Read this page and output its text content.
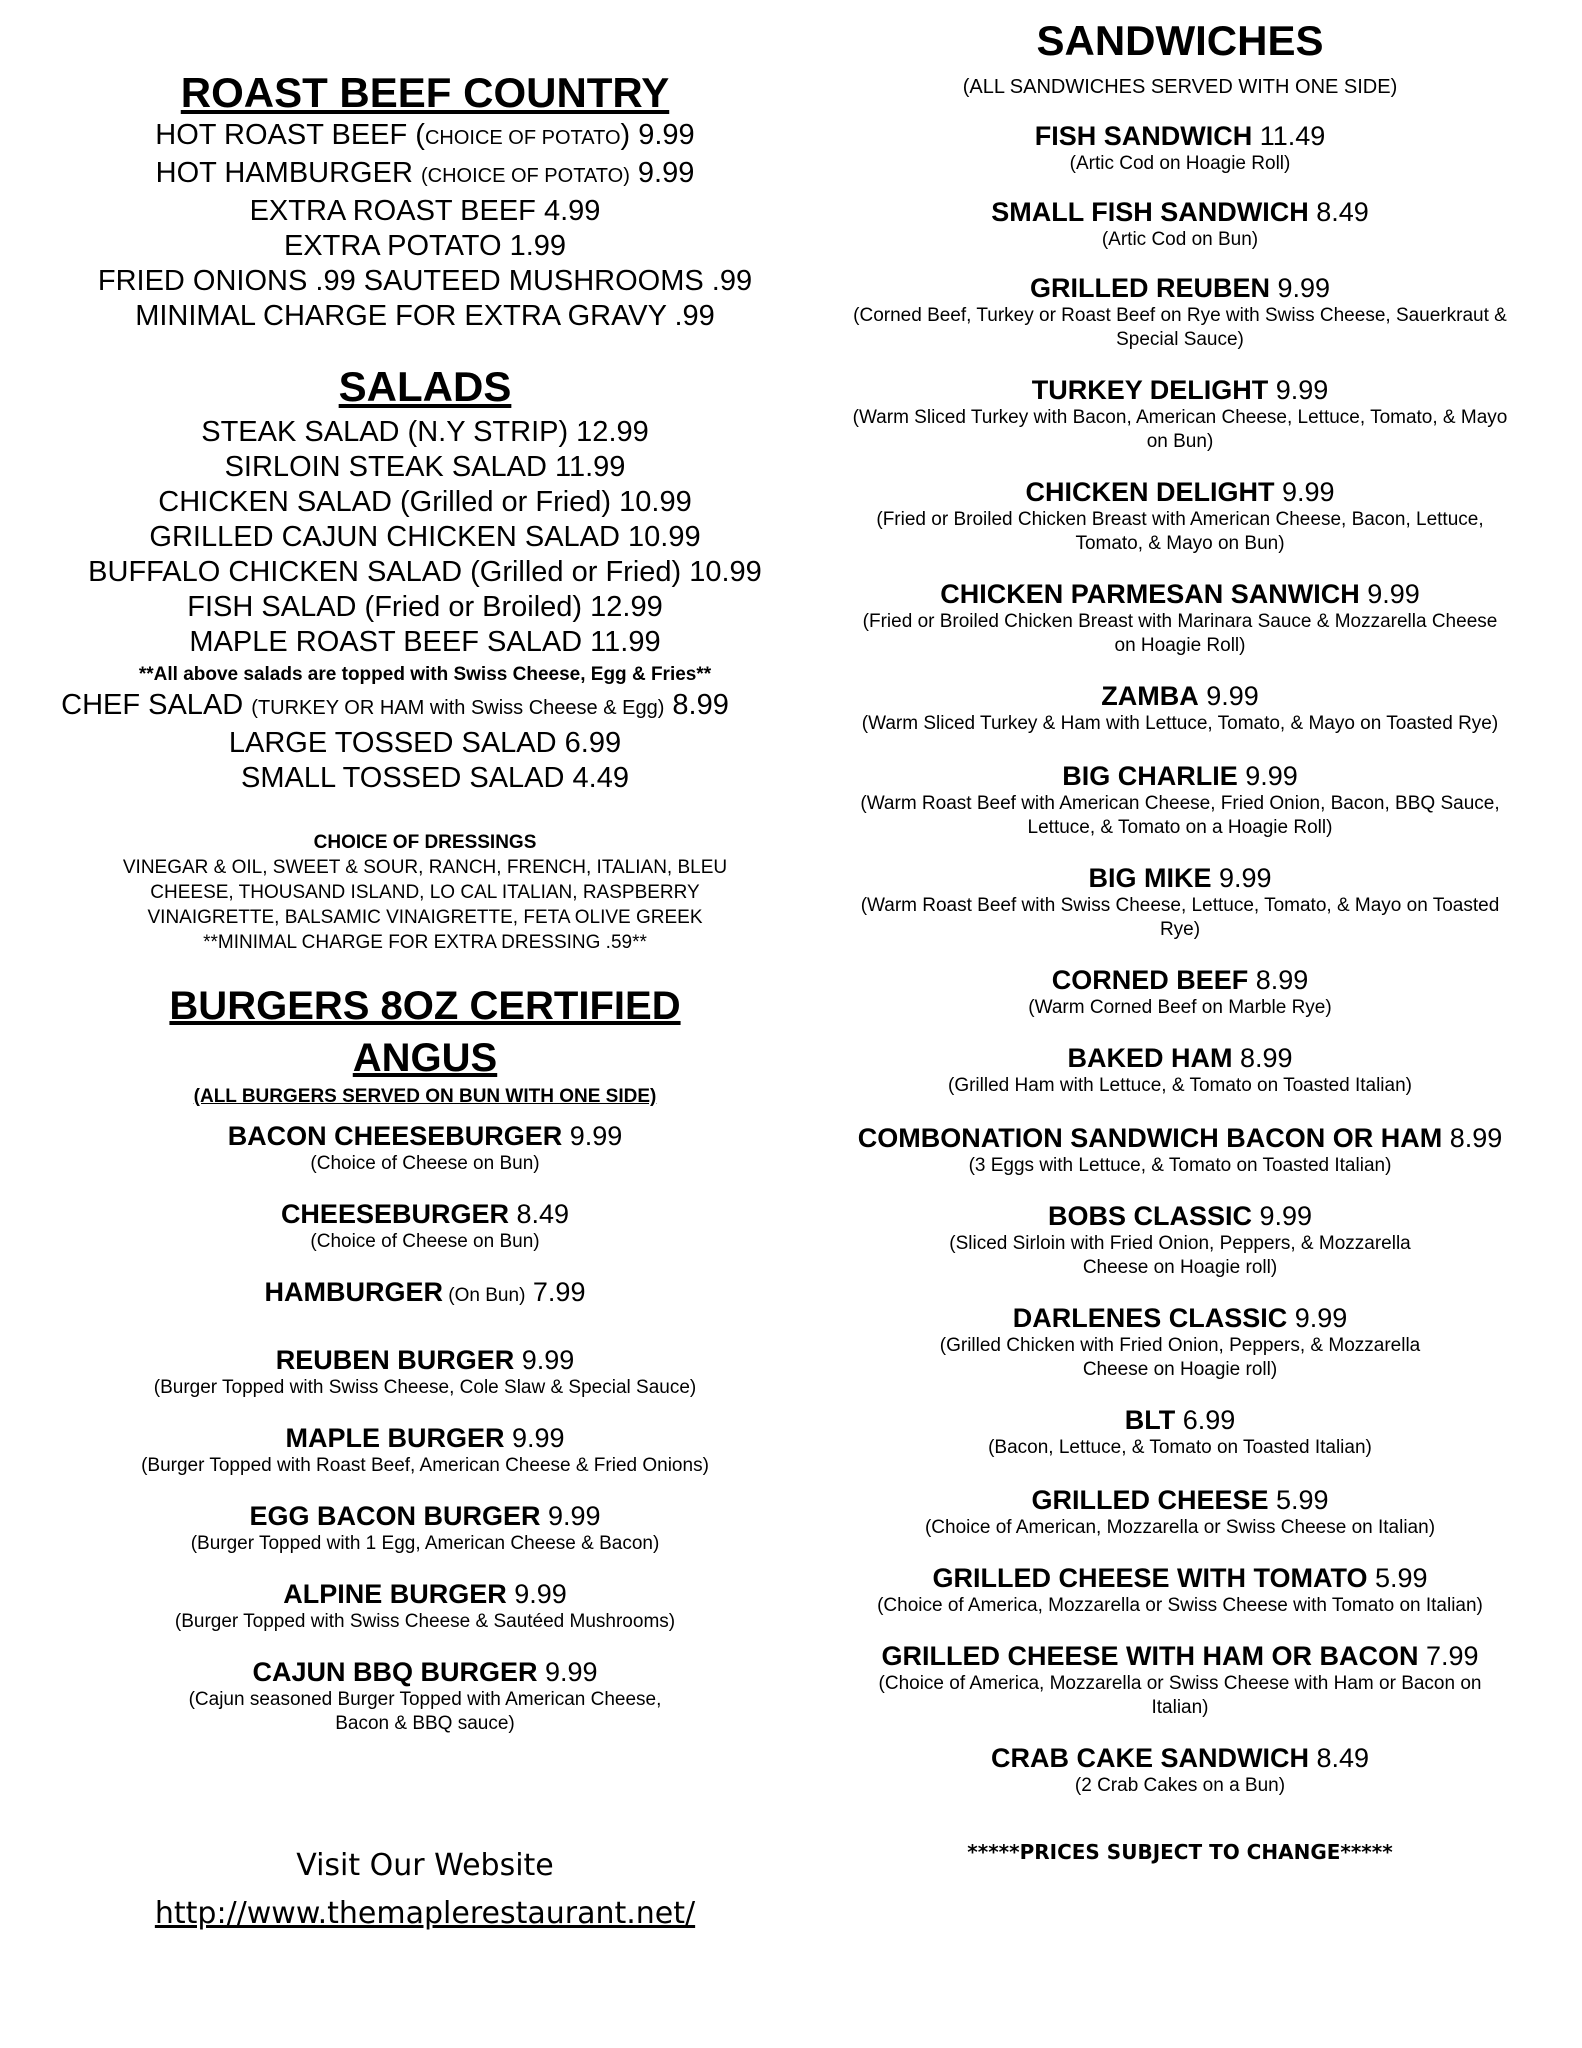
ROAST BEEF COUNTRY
HOT ROAST BEEF (CHOICE OF POTATO) 9.99
HOT HAMBURGER (CHOICE OF POTATO) 9.99
EXTRA ROAST BEEF 4.99
EXTRA POTATO 1.99
FRIED ONIONS .99 SAUTEED MUSHROOMS .99
MINIMAL CHARGE FOR EXTRA GRAVY .99
SALADS
STEAK SALAD (N.Y STRIP) 12.99
SIRLOIN STEAK SALAD 11.99
CHICKEN SALAD (Grilled or Fried) 10.99
GRILLED CAJUN CHICKEN SALAD 10.99
BUFFALO CHICKEN SALAD (Grilled or Fried) 10.99
FISH SALAD (Fried or Broiled) 12.99
MAPLE ROAST BEEF SALAD 11.99
**All above salads are topped with Swiss Cheese, Egg & Fries**
CHEF SALAD (TURKEY OR HAM with Swiss Cheese & Egg) 8.99
LARGE TOSSED SALAD 6.99
SMALL TOSSED SALAD 4.49
CHOICE OF DRESSINGS
VINEGAR & OIL, SWEET & SOUR, RANCH, FRENCH, ITALIAN, BLEU
CHEESE, THOUSAND ISLAND, LO CAL ITALIAN, RASPBERRY
VINAIGRETTE, BALSAMIC VINAIGRETTE, FETA OLIVE GREEK
**MINIMAL CHARGE FOR EXTRA DRESSING .59**
BURGERS 8OZ CERTIFIED
ANGUS
(ALL BURGERS SERVED ON BUN WITH ONE SIDE)
BACON CHEESEBURGER 9.99
(Choice of Cheese on Bun)
CHEESEBURGER 8.49
(Choice of Cheese on Bun)
HAMBURGER (On Bun) 7.99
REUBEN BURGER 9.99
(Burger Topped with Swiss Cheese, Cole Slaw & Special Sauce)
MAPLE BURGER 9.99
(Burger Topped with Roast Beef, American Cheese & Fried Onions)
EGG BACON BURGER 9.99
(Burger Topped with 1 Egg, American Cheese & Bacon)
ALPINE BURGER 9.99
(Burger Topped with Swiss Cheese & Sautéed Mushrooms)
CAJUN BBQ BURGER 9.99
(Cajun seasoned Burger Topped with American Cheese,
Bacon & BBQ sauce)
Visit Our Website
http://www.themaplerestaurant.net/
SANDWICHES
(ALL SANDWICHES SERVED WITH ONE SIDE)
FISH SANDWICH 11.49
(Artic Cod on Hoagie Roll)
SMALL FISH SANDWICH 8.49
(Artic Cod on Bun)
GRILLED REUBEN 9.99
(Corned Beef, Turkey or Roast Beef on Rye with Swiss Cheese, Sauerkraut &
Special Sauce)
TURKEY DELIGHT 9.99
(Warm Sliced Turkey with Bacon, American Cheese, Lettuce, Tomato, & Mayo
on Bun)
CHICKEN DELIGHT 9.99
(Fried or Broiled Chicken Breast with American Cheese, Bacon, Lettuce,
Tomato, & Mayo on Bun)
CHICKEN PARMESAN SANWICH 9.99
(Fried or Broiled Chicken Breast with Marinara Sauce & Mozzarella Cheese
on Hoagie Roll)
ZAMBA 9.99
(Warm Sliced Turkey & Ham with Lettuce, Tomato, & Mayo on Toasted Rye)
BIG CHARLIE 9.99
(Warm Roast Beef with American Cheese, Fried Onion, Bacon, BBQ Sauce,
Lettuce, & Tomato on a Hoagie Roll)
BIG MIKE 9.99
(Warm Roast Beef with Swiss Cheese, Lettuce, Tomato, & Mayo on Toasted
Rye)
CORNED BEEF 8.99
(Warm Corned Beef on Marble Rye)
BAKED HAM 8.99
(Grilled Ham with Lettuce, & Tomato on Toasted Italian)
COMBONATION SANDWICH BACON OR HAM 8.99
(3 Eggs with Lettuce, & Tomato on Toasted Italian)
BOBS CLASSIC 9.99
(Sliced Sirloin with Fried Onion, Peppers, & Mozzarella
Cheese on Hoagie roll)
DARLENES CLASSIC 9.99
(Grilled Chicken with Fried Onion, Peppers, & Mozzarella
Cheese on Hoagie roll)
BLT 6.99
(Bacon, Lettuce, & Tomato on Toasted Italian)
GRILLED CHEESE 5.99
(Choice of American, Mozzarella or Swiss Cheese on Italian)
GRILLED CHEESE WITH TOMATO 5.99
(Choice of America, Mozzarella or Swiss Cheese with Tomato on Italian)
GRILLED CHEESE WITH HAM OR BACON 7.99
(Choice of America, Mozzarella or Swiss Cheese with Ham or Bacon on
Italian)
CRAB CAKE SANDWICH 8.49
(2 Crab Cakes on a Bun)
*****PRICES SUBJECT TO CHANGE*****
